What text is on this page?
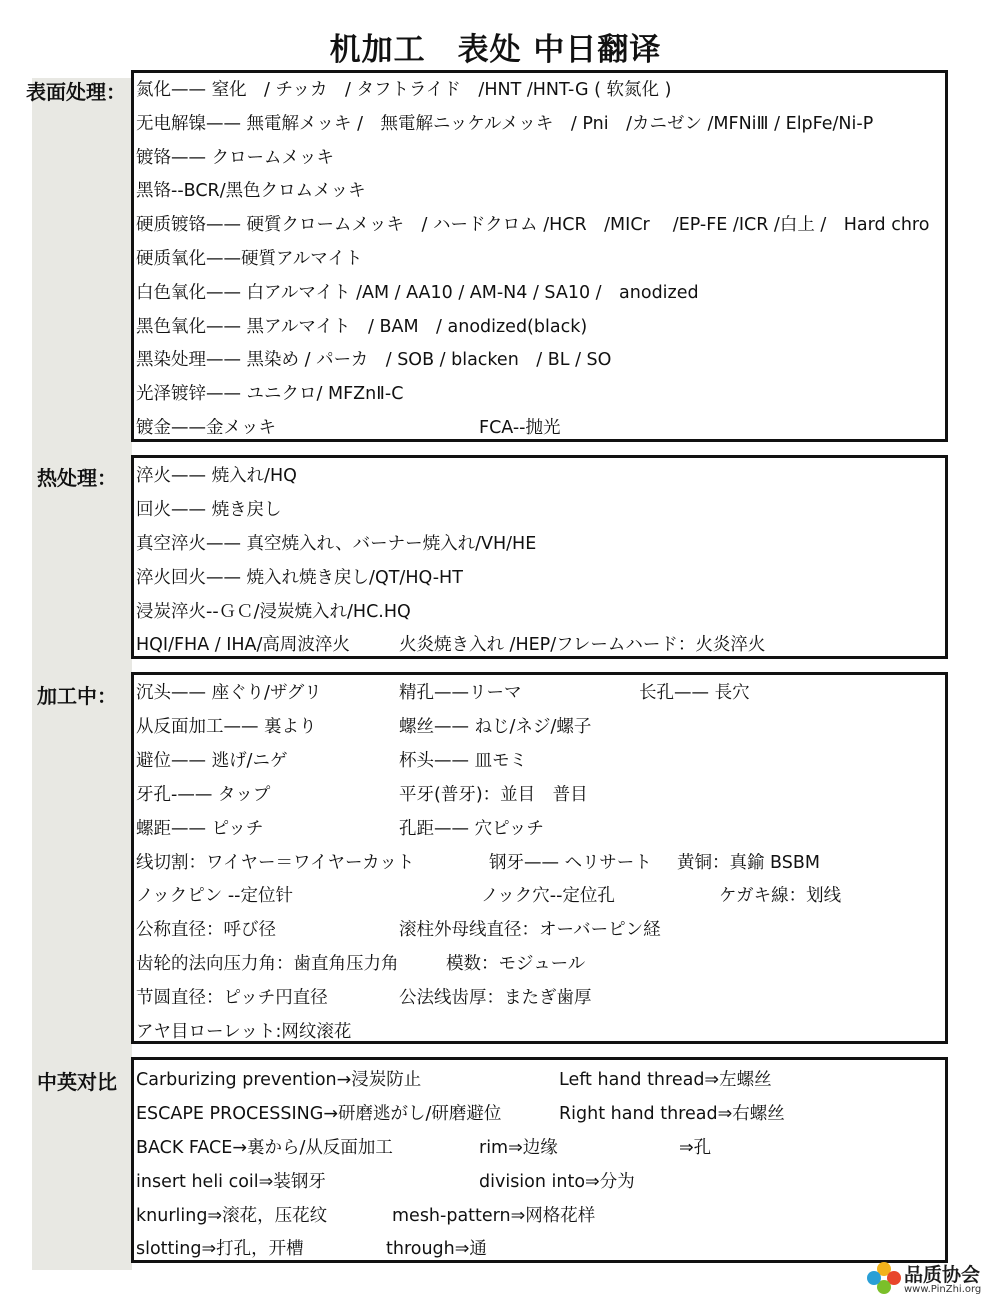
机加工　表处 中日翻译
表面处理：
热处理：
加工中：
中英对比
氮化—— 窒化　/ チッカ　/ タフトライド　/HNT /HNT-G ( 软氮化 )
无电解镍—— 無電解メッキ /　無電解ニッケルメッキ　/ Pni　/カニゼン /MFNiⅢ / ElpFe/Ni-P
镀铬—— クロームメッキ
黑铬--BCR/黑色クロムメッキ
硬质镀铬—— 硬質クロームメッキ　/ ハードクロム /HCR　/MICr　 /EP-FE /ICR /白上 /　Hard chro
硬质氧化——硬質アルマイト
白色氧化—— 白アルマイト /AM / AA10 / AM-N4 / SA10 /　anodized
黑色氧化—— 黒アルマイト　/ BAM　/ anodized(black)
黑染处理—— 黒染め / パーカ　/ SOB / blacken　/ BL / SO
光泽镀锌—— ユニクロ/ MFZnⅡ-C
镀金——金メッキ	FCA--抛光
淬火—— 焼入れ/HQ
回火—— 焼き戻し
真空淬火—— 真空焼入れ、バーナー焼入れ/VH/HE
淬火回火—— 焼入れ焼き戻し/QT/HQ-HT
浸炭淬火--ＧＣ/浸炭焼入れ/HC.HQ
HQI/FHA / IHA/高周波淬火	火炎焼き入れ /HEP/フレームハード：火炎淬火
沉头—— 座ぐり/ザグリ	精孔——リーマ	长孔—— 長穴
从反面加工—— 裏より	螺丝—— ねじ/ネジ/螺子
避位—— 逃げ/ニゲ	杯头—— 皿モミ
牙孔-—— タップ	平牙(普牙)：並目　普目
螺距—— ピッチ	孔距—— 穴ピッチ
线切割：ワイヤー＝ワイヤーカット	钢牙—— ヘリサート 黄铜：真鍮 BSBM
ノックピン --定位针	ノック穴--定位孔	ケガキ線：划线
公称直径：呼び径	滚柱外母线直径：オーバーピン経
齿轮的法向压力角：歯直角压力角	模数：モジュール
节圆直径：ピッチ円直径	公法线齿厚：またぎ歯厚
アヤ目ローレット:网纹滚花
Carburizing prevention→浸炭防止	Left hand thread⇒左螺丝
ESCAPE PROCESSING→研磨逃がし/研磨避位	Right hand thread⇒右螺丝
BACK FACE→裏から/从反面加工	rim⇒边缘	⇒孔
insert heli coil⇒装钢牙	division into⇒分为
knurling⇒滚花，压花纹	mesh-pattern⇒网格花样
slotting⇒打孔，开槽	through⇒通
品质协会
www.PinZhi.org
